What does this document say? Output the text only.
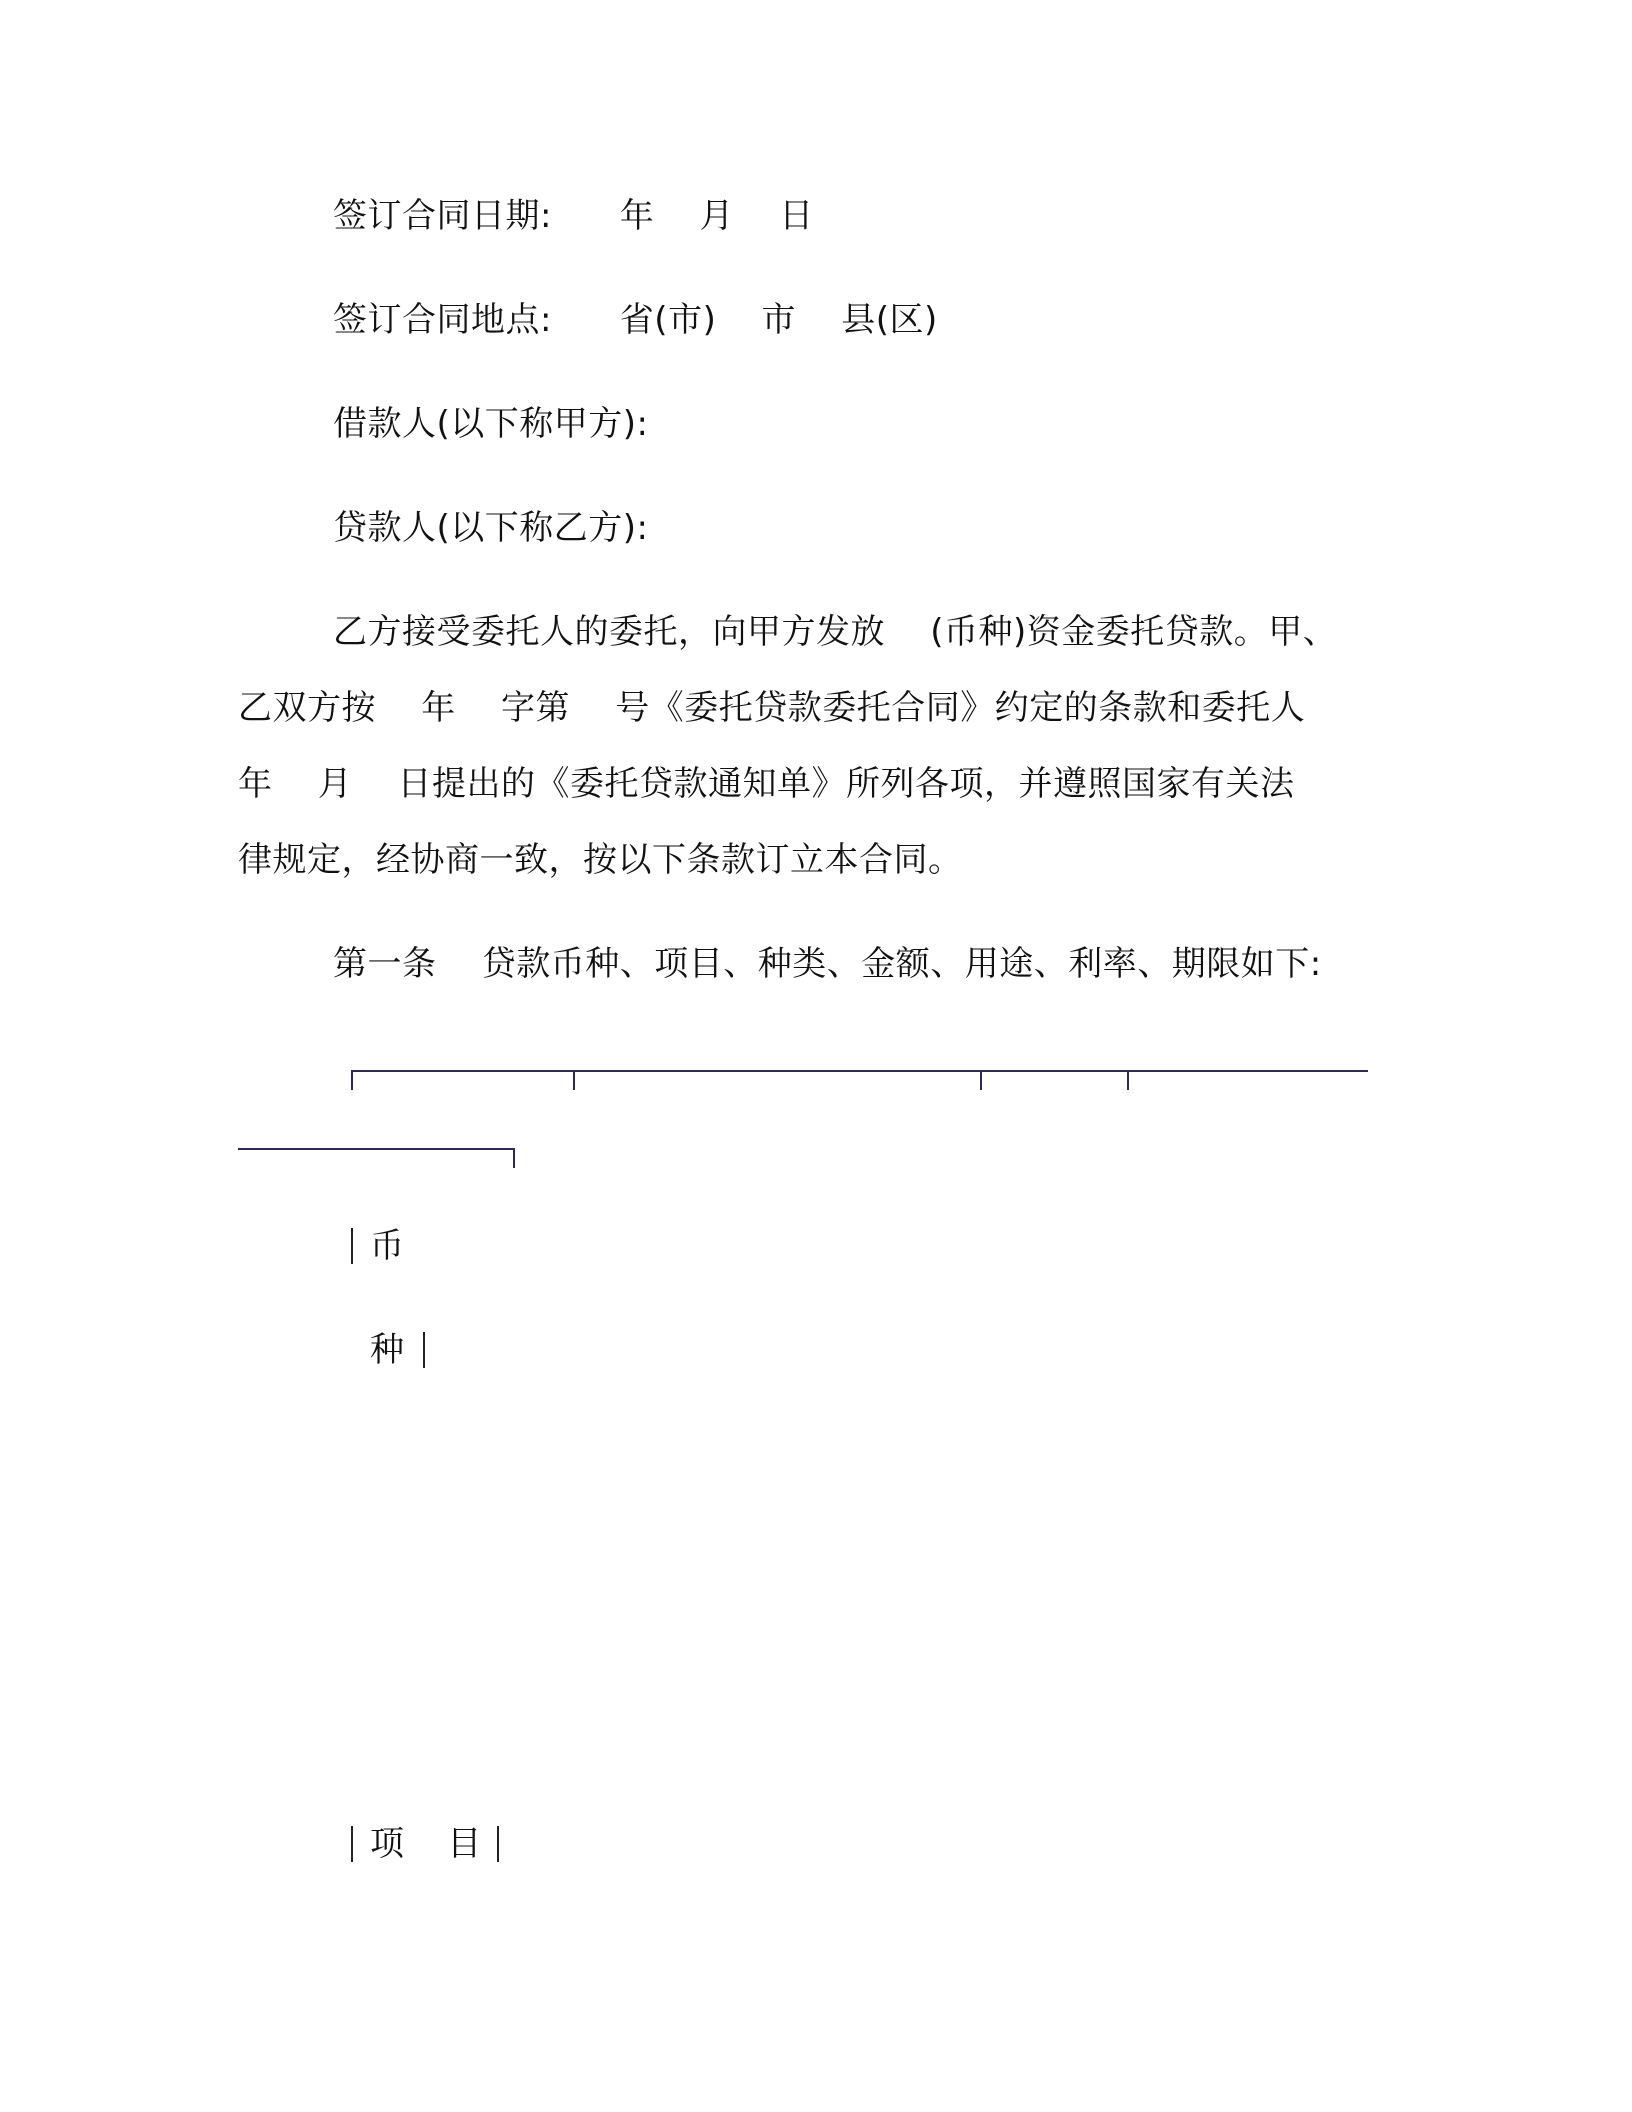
签订合同日期:      年    月    日
签订合同地点:      省(市)    市    县(区)
借款人(以下称甲方):
贷款人(以下称乙方):
乙方接受委托人的委托，向甲方发放    (币种)资金委托贷款。甲、
乙双方按    年    字第    号《委托贷款委托合同》约定的条款和委托人
年    月    日提出的《委托贷款通知单》所列各项，并遵照国家有关法
律规定，经协商一致，按以下条款订立本合同。
第一条    贷款币种、项目、种类、金额、用途、利率、期限如下:
币
种
项    目
